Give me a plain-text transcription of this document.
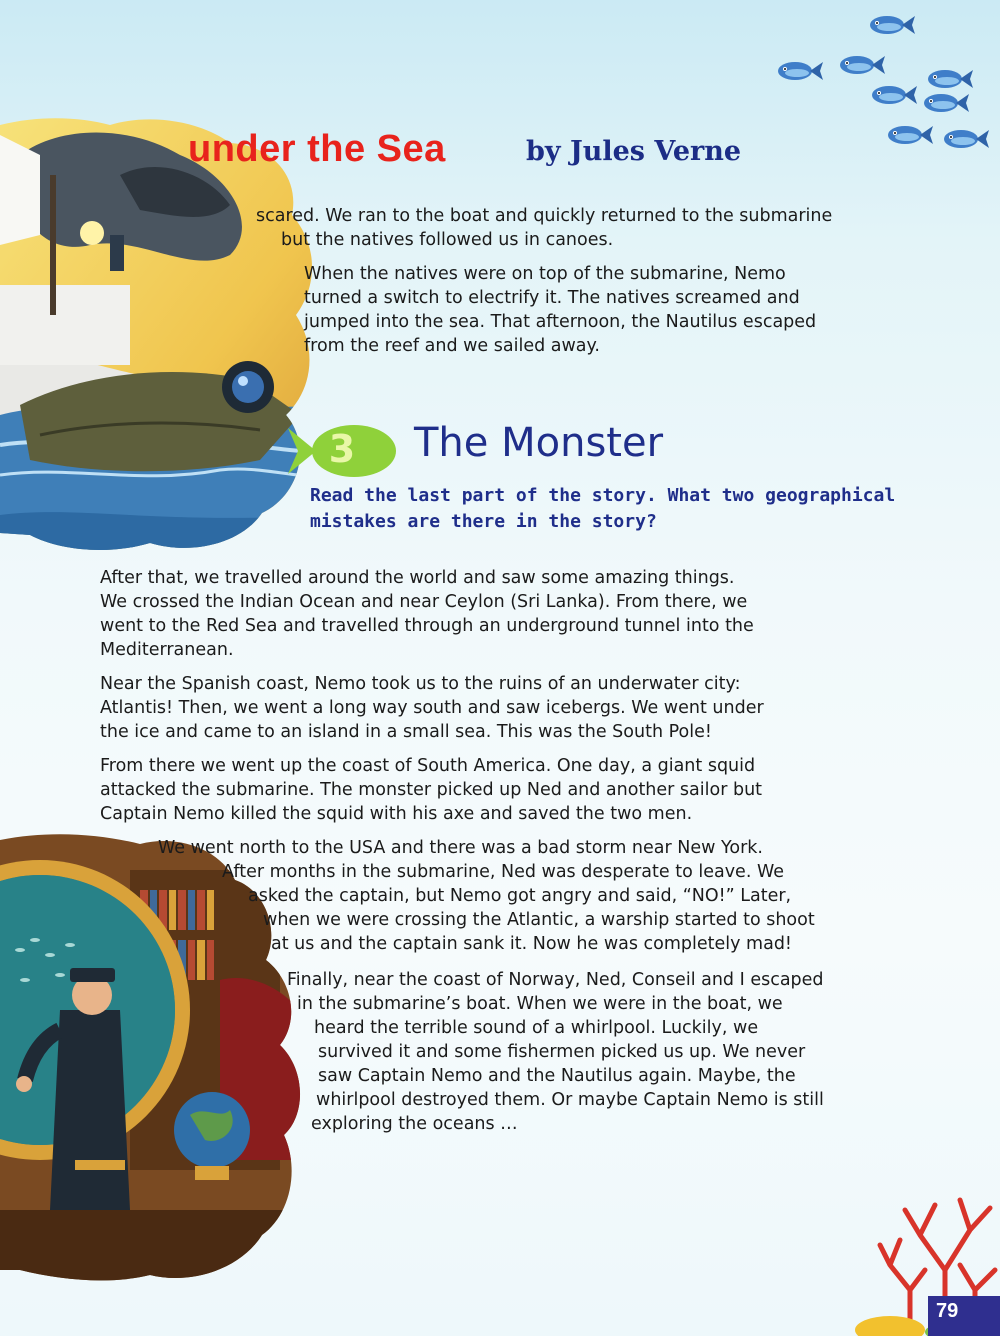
under the Sea	by Jules Verne

scared. We ran to the boat and quickly returned to the submarine
but the natives followed us in canoes.

When the natives were on top of the submarine, Nemo
turned a switch to electrify it. The natives screamed and
jumped into the sea. That afternoon, the Nautilus escaped
from the reef and we sailed away.

3 The Monster

Read the last part of the story. What two geographical
mistakes are there in the story?

After that, we travelled around the world and saw some amazing things.
We crossed the Indian Ocean and near Ceylon (Sri Lanka). From there, we
went to the Red Sea and travelled through an underground tunnel into the
Mediterranean.

Near the Spanish coast, Nemo took us to the ruins of an underwater city:
Atlantis! Then, we went a long way south and saw icebergs. We went under
the ice and came to an island in a small sea. This was the South Pole!

From there we went up the coast of South America. One day, a giant squid
attacked the submarine. The monster picked up Ned and another sailor but
Captain Nemo killed the squid with his axe and saved the two men.

We went north to the USA and there was a bad storm near New York.
After months in the submarine, Ned was desperate to leave. We
asked the captain, but Nemo got angry and said, “NO!” Later,
when we were crossing the Atlantic, a warship started to shoot
at us and the captain sank it. Now he was completely mad!

Finally, near the coast of Norway, Ned, Conseil and I escaped
in the submarine’s boat. When we were in the boat, we
heard the terrible sound of a whirlpool. Luckily, we
survived it and some fishermen picked us up. We never
saw Captain Nemo and the Nautilus again. Maybe, the
whirlpool destroyed them. Or maybe Captain Nemo is still
exploring the oceans …

79
